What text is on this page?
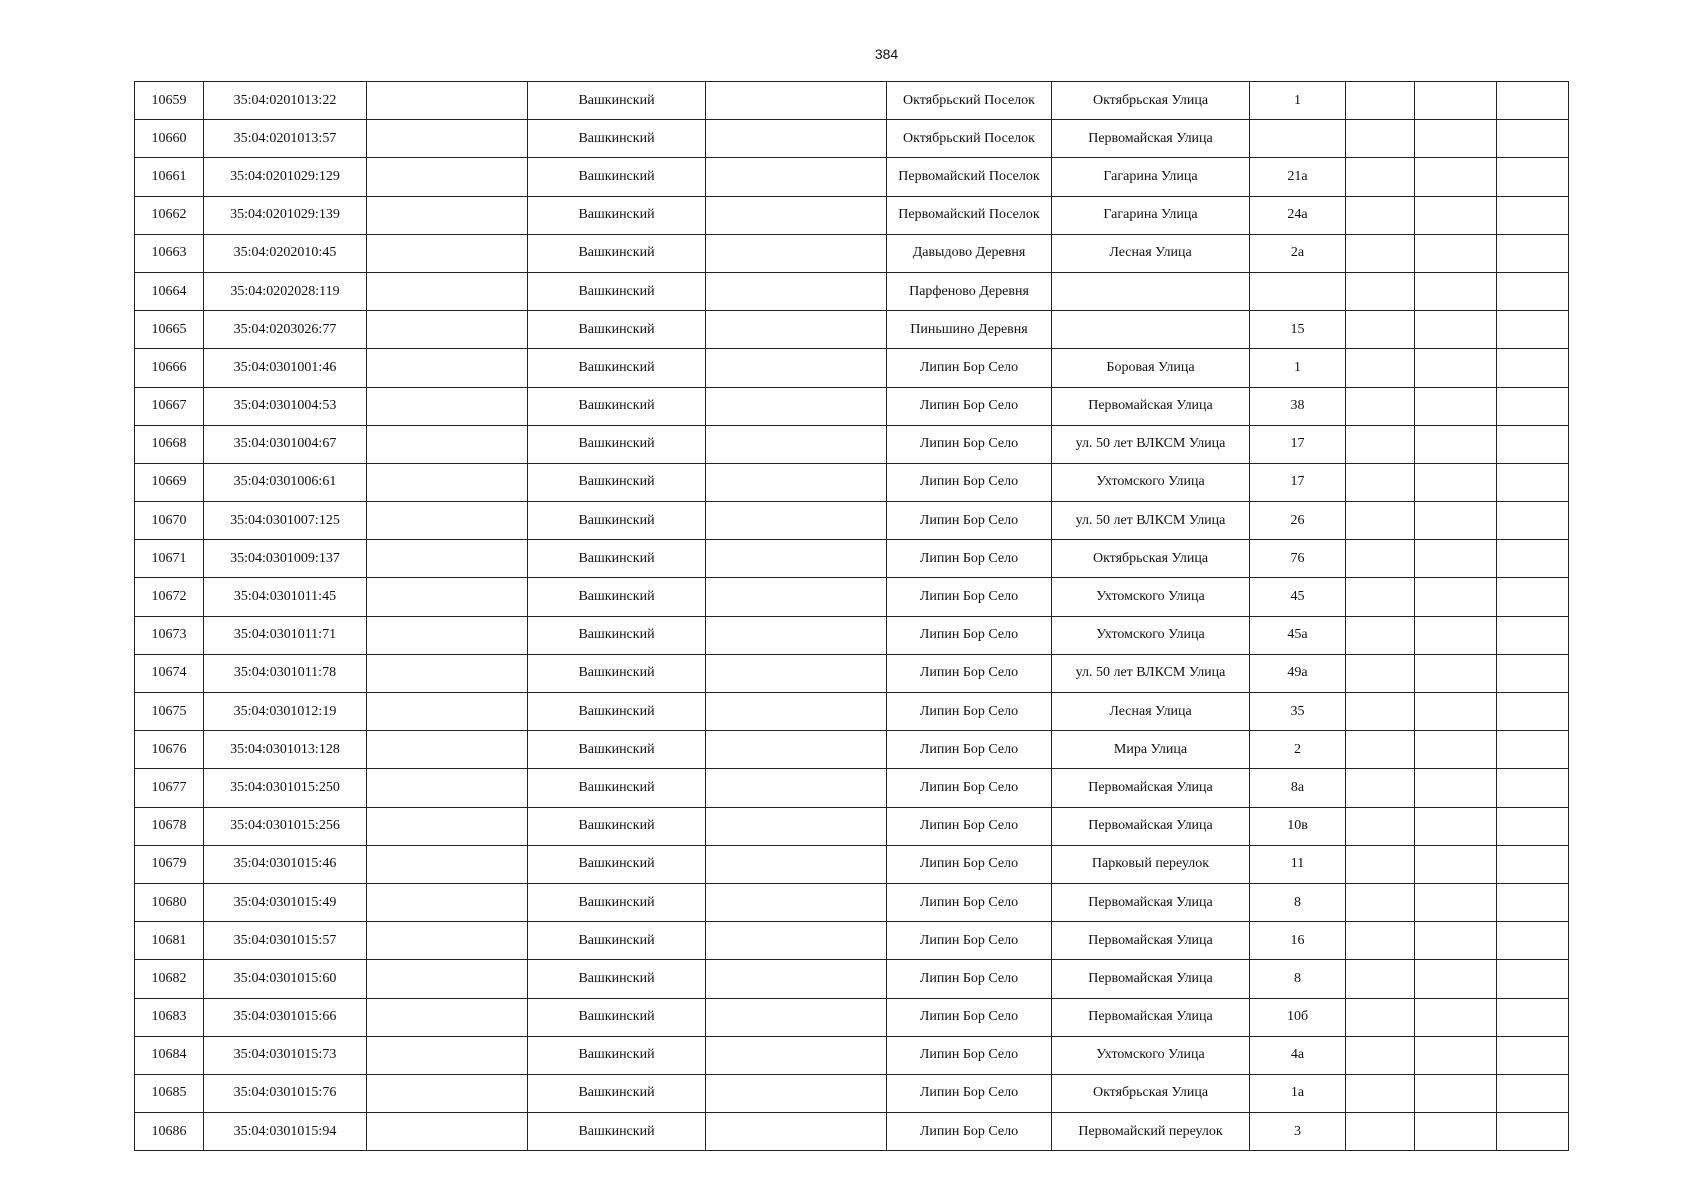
384
10659	35:04:0201013:22		Вашкинский		Октябрьский Поселок	Октябрьская Улица	1			
10660	35:04:0201013:57		Вашкинский		Октябрьский Поселок	Первомайская Улица				
10661	35:04:0201029:129		Вашкинский		Первомайский Поселок	Гагарина Улица	21а			
10662	35:04:0201029:139		Вашкинский		Первомайский Поселок	Гагарина Улица	24а			
10663	35:04:0202010:45		Вашкинский		Давыдово Деревня	Лесная Улица	2а			
10664	35:04:0202028:119		Вашкинский		Парфеново Деревня					
10665	35:04:0203026:77		Вашкинский		Пиньшино Деревня		15			
10666	35:04:0301001:46		Вашкинский		Липин Бор Село	Боровая Улица	1			
10667	35:04:0301004:53		Вашкинский		Липин Бор Село	Первомайская Улица	38			
10668	35:04:0301004:67		Вашкинский		Липин Бор Село	ул. 50 лет ВЛКСМ Улица	17			
10669	35:04:0301006:61		Вашкинский		Липин Бор Село	Ухтомского Улица	17			
10670	35:04:0301007:125		Вашкинский		Липин Бор Село	ул. 50 лет ВЛКСМ Улица	26			
10671	35:04:0301009:137		Вашкинский		Липин Бор Село	Октябрьская Улица	76			
10672	35:04:0301011:45		Вашкинский		Липин Бор Село	Ухтомского Улица	45			
10673	35:04:0301011:71		Вашкинский		Липин Бор Село	Ухтомского Улица	45а			
10674	35:04:0301011:78		Вашкинский		Липин Бор Село	ул. 50 лет ВЛКСМ Улица	49а			
10675	35:04:0301012:19		Вашкинский		Липин Бор Село	Лесная Улица	35			
10676	35:04:0301013:128		Вашкинский		Липин Бор Село	Мира Улица	2			
10677	35:04:0301015:250		Вашкинский		Липин Бор Село	Первомайская Улица	8а			
10678	35:04:0301015:256		Вашкинский		Липин Бор Село	Первомайская Улица	10в			
10679	35:04:0301015:46		Вашкинский		Липин Бор Село	Парковый переулок	11			
10680	35:04:0301015:49		Вашкинский		Липин Бор Село	Первомайская Улица	8			
10681	35:04:0301015:57		Вашкинский		Липин Бор Село	Первомайская Улица	16			
10682	35:04:0301015:60		Вашкинский		Липин Бор Село	Первомайская Улица	8			
10683	35:04:0301015:66		Вашкинский		Липин Бор Село	Первомайская Улица	10б			
10684	35:04:0301015:73		Вашкинский		Липин Бор Село	Ухтомского Улица	4а			
10685	35:04:0301015:76		Вашкинский		Липин Бор Село	Октябрьская Улица	1а			
10686	35:04:0301015:94		Вашкинский		Липин Бор Село	Первомайский переулок	3			
